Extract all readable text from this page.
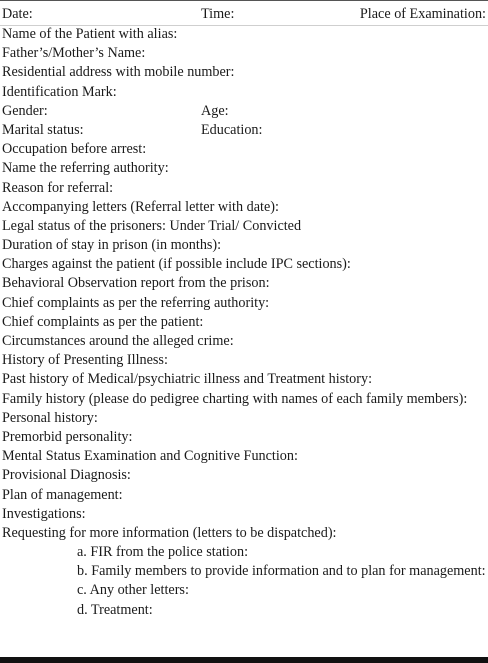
Date:	Time:	Place of Examination:
Name of the Patient with alias:
Father’s/Mother’s Name:
Residential address with mobile number:
Identification Mark:
Gender:	Age:
Marital status:	Education:
Occupation before arrest:
Name the referring authority:
Reason for referral:
Accompanying letters (Referral letter with date):
Legal status of the prisoners: Under Trial/ Convicted
Duration of stay in prison (in months):
Charges against the patient (if possible include IPC sections):
Behavioral Observation report from the prison:
Chief complaints as per the referring authority:
Chief complaints as per the patient:
Circumstances around the alleged crime:
History of Presenting Illness:
Past history of Medical/psychiatric illness and Treatment history:
Family history (please do pedigree charting with names of each family members):
Personal history:
Premorbid personality:
Mental Status Examination and Cognitive Function:
Provisional Diagnosis:
Plan of management:
Investigations:
Requesting for more information (letters to be dispatched):
a. FIR from the police station:
b. Family members to provide information and to plan for management:
c. Any other letters:
d. Treatment:
